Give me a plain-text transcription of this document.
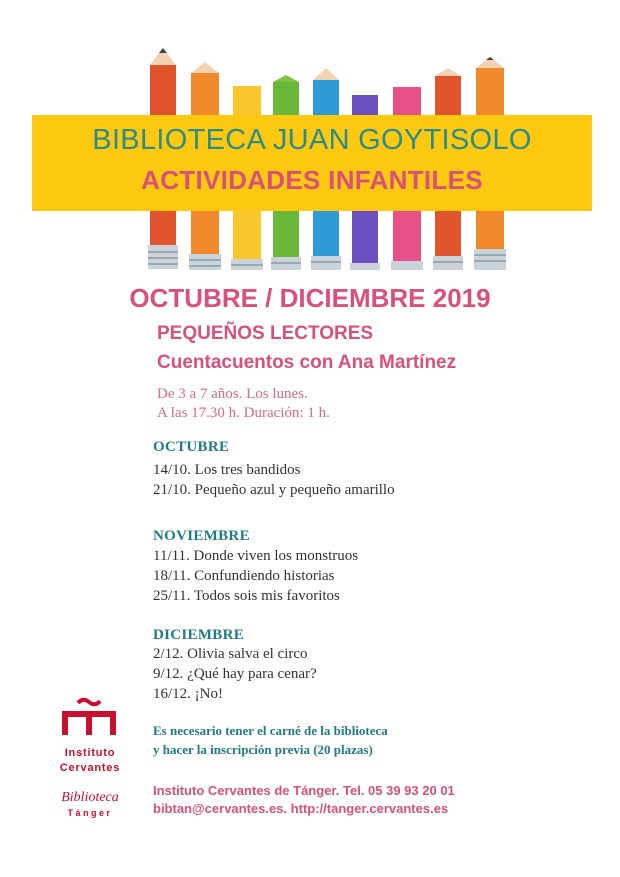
BIBLIOTECA JUAN GOYTISOLO
ACTIVIDADES INFANTILES
OCTUBRE / DICIEMBRE 2019
PEQUEÑOS LECTORES
Cuentacuentos con Ana Martínez
De 3 a 7 años. Los lunes.
A las 17.30 h. Duración: 1 h.
OCTUBRE
14/10. Los tres bandidos
21/10. Pequeño azul y pequeño amarillo
NOVIEMBRE
11/11. Donde viven los monstruos
18/11. Confundiendo historias
25/11. Todos sois mis favoritos
DICIEMBRE
2/12. Olivia salva el circo
9/12. ¿Qué hay para cenar?
16/12. ¡No!
Es necesario tener el carné de la biblioteca
y hacer la inscripción previa (20 plazas)
Instituto Cervantes de Tánger. Tel. 05 39 93 20 01
bibtan@cervantes.es. http://tanger.cervantes.es
Instituto
Cervantes
Biblioteca
Tánger
